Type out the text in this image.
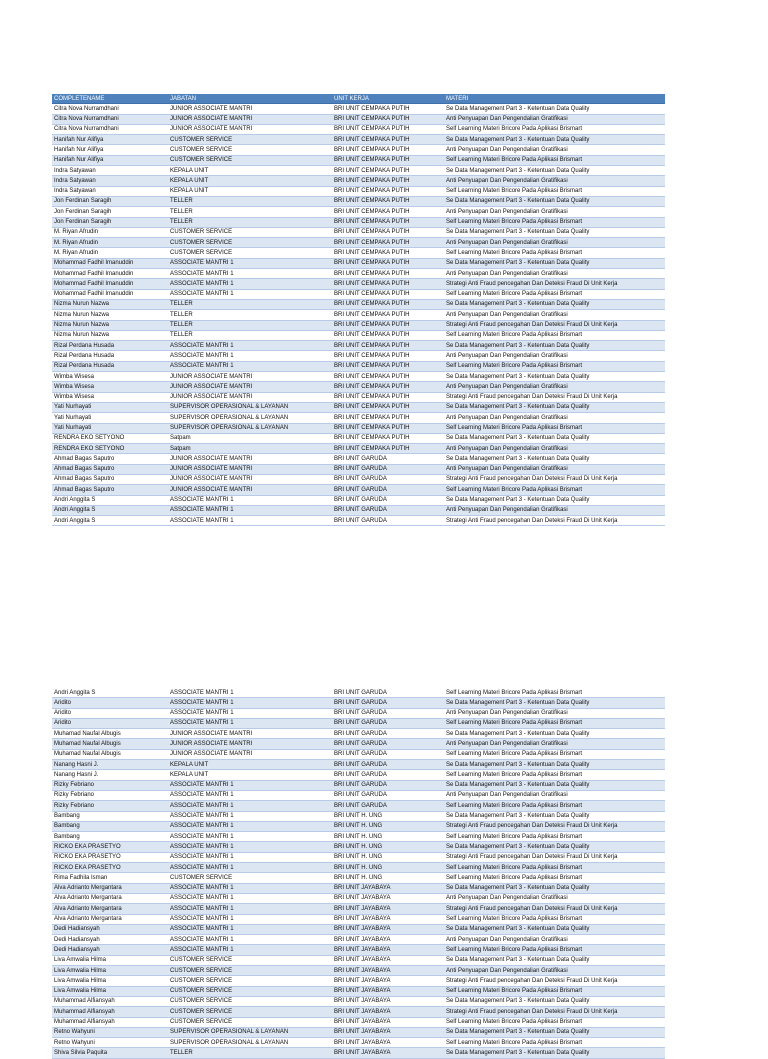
COMPLETENAME	JABATAN	UNIT KERJA	MATERI
Citra Nova Nurramdhani	JUNIOR ASSOCIATE MANTRI	BRI UNIT CEMPAKA PUTIH	Se Data Management Part 3 - Ketentuan Data Quality
Citra Nova Nurramdhani	JUNIOR ASSOCIATE MANTRI	BRI UNIT CEMPAKA PUTIH	Anti Penyuapan Dan Pengendalian Gratifikasi
Citra Nova Nurramdhani	JUNIOR ASSOCIATE MANTRI	BRI UNIT CEMPAKA PUTIH	Self Learning Materi Bricore Pada Aplikasi Brismart
Hanifah Nur Alifiya	CUSTOMER SERVICE	BRI UNIT CEMPAKA PUTIH	Se Data Management Part 3 - Ketentuan Data Quality
Hanifah Nur Alifiya	CUSTOMER SERVICE	BRI UNIT CEMPAKA PUTIH	Anti Penyuapan Dan Pengendalian Gratifikasi
Hanifah Nur Alifiya	CUSTOMER SERVICE	BRI UNIT CEMPAKA PUTIH	Self Learning Materi Bricore Pada Aplikasi Brismart
Indra Satyawan	KEPALA UNIT	BRI UNIT CEMPAKA PUTIH	Se Data Management Part 3 - Ketentuan Data Quality
Indra Satyawan	KEPALA UNIT	BRI UNIT CEMPAKA PUTIH	Anti Penyuapan Dan Pengendalian Gratifikasi
Indra Satyawan	KEPALA UNIT	BRI UNIT CEMPAKA PUTIH	Self Learning Materi Bricore Pada Aplikasi Brismart
Jon Ferdinan Saragih	TELLER	BRI UNIT CEMPAKA PUTIH	Se Data Management Part 3 - Ketentuan Data Quality
Jon Ferdinan Saragih	TELLER	BRI UNIT CEMPAKA PUTIH	Anti Penyuapan Dan Pengendalian Gratifikasi
Jon Ferdinan Saragih	TELLER	BRI UNIT CEMPAKA PUTIH	Self Learning Materi Bricore Pada Aplikasi Brismart
M. Riyan Afrudin	CUSTOMER SERVICE	BRI UNIT CEMPAKA PUTIH	Se Data Management Part 3 - Ketentuan Data Quality
M. Riyan Afrudin	CUSTOMER SERVICE	BRI UNIT CEMPAKA PUTIH	Anti Penyuapan Dan Pengendalian Gratifikasi
M. Riyan Afrudin	CUSTOMER SERVICE	BRI UNIT CEMPAKA PUTIH	Self Learning Materi Bricore Pada Aplikasi Brismart
Mohammad Fadhil Imanuddin	ASSOCIATE MANTRI 1	BRI UNIT CEMPAKA PUTIH	Se Data Management Part 3 - Ketentuan Data Quality
Mohammad Fadhil Imanuddin	ASSOCIATE MANTRI 1	BRI UNIT CEMPAKA PUTIH	Anti Penyuapan Dan Pengendalian Gratifikasi
Mohammad Fadhil Imanuddin	ASSOCIATE MANTRI 1	BRI UNIT CEMPAKA PUTIH	Strategi Anti Fraud pencegahan Dan Deteksi Fraud Di Unit Kerja
Mohammad Fadhil Imanuddin	ASSOCIATE MANTRI 1	BRI UNIT CEMPAKA PUTIH	Self Learning Materi Bricore Pada Aplikasi Brismart
Nizma Nurun Nazwa	TELLER	BRI UNIT CEMPAKA PUTIH	Se Data Management Part 3 - Ketentuan Data Quality
Nizma Nurun Nazwa	TELLER	BRI UNIT CEMPAKA PUTIH	Anti Penyuapan Dan Pengendalian Gratifikasi
Nizma Nurun Nazwa	TELLER	BRI UNIT CEMPAKA PUTIH	Strategi Anti Fraud pencegahan Dan Deteksi Fraud Di Unit Kerja
Nizma Nurun Nazwa	TELLER	BRI UNIT CEMPAKA PUTIH	Self Learning Materi Bricore Pada Aplikasi Brismart
Rizal Perdana Husada	ASSOCIATE MANTRI 1	BRI UNIT CEMPAKA PUTIH	Se Data Management Part 3 - Ketentuan Data Quality
Rizal Perdana Husada	ASSOCIATE MANTRI 1	BRI UNIT CEMPAKA PUTIH	Anti Penyuapan Dan Pengendalian Gratifikasi
Rizal Perdana Husada	ASSOCIATE MANTRI 1	BRI UNIT CEMPAKA PUTIH	Self Learning Materi Bricore Pada Aplikasi Brismart
Wimba Wisesa	JUNIOR ASSOCIATE MANTRI	BRI UNIT CEMPAKA PUTIH	Se Data Management Part 3 - Ketentuan Data Quality
Wimba Wisesa	JUNIOR ASSOCIATE MANTRI	BRI UNIT CEMPAKA PUTIH	Anti Penyuapan Dan Pengendalian Gratifikasi
Wimba Wisesa	JUNIOR ASSOCIATE MANTRI	BRI UNIT CEMPAKA PUTIH	Strategi Anti Fraud pencegahan Dan Deteksi Fraud Di Unit Kerja
Yati Nurhayati	SUPERVISOR OPERASIONAL & LAYANAN	BRI UNIT CEMPAKA PUTIH	Se Data Management Part 3 - Ketentuan Data Quality
Yati Nurhayati	SUPERVISOR OPERASIONAL & LAYANAN	BRI UNIT CEMPAKA PUTIH	Anti Penyuapan Dan Pengendalian Gratifikasi
Yati Nurhayati	SUPERVISOR OPERASIONAL & LAYANAN	BRI UNIT CEMPAKA PUTIH	Self Learning Materi Bricore Pada Aplikasi Brismart
RENDRA EKO SETYONO	Satpam	BRI UNIT CEMPAKA PUTIH	Se Data Management Part 3 - Ketentuan Data Quality
RENDRA EKO SETYONO	Satpam	BRI UNIT CEMPAKA PUTIH	Anti Penyuapan Dan Pengendalian Gratifikasi
Ahmad Bagas Saputro	JUNIOR ASSOCIATE MANTRI	BRI UNIT GARUDA	Se Data Management Part 3 - Ketentuan Data Quality
Ahmad Bagas Saputro	JUNIOR ASSOCIATE MANTRI	BRI UNIT GARUDA	Anti Penyuapan Dan Pengendalian Gratifikasi
Ahmad Bagas Saputro	JUNIOR ASSOCIATE MANTRI	BRI UNIT GARUDA	Strategi Anti Fraud pencegahan Dan Deteksi Fraud Di Unit Kerja
Ahmad Bagas Saputro	JUNIOR ASSOCIATE MANTRI	BRI UNIT GARUDA	Self Learning Materi Bricore Pada Aplikasi Brismart
Andri Anggita S	ASSOCIATE MANTRI 1	BRI UNIT GARUDA	Se Data Management Part 3 - Ketentuan Data Quality
Andri Anggita S	ASSOCIATE MANTRI 1	BRI UNIT GARUDA	Anti Penyuapan Dan Pengendalian Gratifikasi
Andri Anggita S	ASSOCIATE MANTRI 1	BRI UNIT GARUDA	Strategi Anti Fraud pencegahan Dan Deteksi Fraud Di Unit Kerja
Andri Anggita S	ASSOCIATE MANTRI 1	BRI UNIT GARUDA	Self Learning Materi Bricore Pada Aplikasi Brismart
Aridito	ASSOCIATE MANTRI 1	BRI UNIT GARUDA	Se Data Management Part 3 - Ketentuan Data Quality
Aridito	ASSOCIATE MANTRI 1	BRI UNIT GARUDA	Anti Penyuapan Dan Pengendalian Gratifikasi
Aridito	ASSOCIATE MANTRI 1	BRI UNIT GARUDA	Self Learning Materi Bricore Pada Aplikasi Brismart
Muhamad Naufal Albugis	JUNIOR ASSOCIATE MANTRI	BRI UNIT GARUDA	Se Data Management Part 3 - Ketentuan Data Quality
Muhamad Naufal Albugis	JUNIOR ASSOCIATE MANTRI	BRI UNIT GARUDA	Anti Penyuapan Dan Pengendalian Gratifikasi
Muhamad Naufal Albugis	JUNIOR ASSOCIATE MANTRI	BRI UNIT GARUDA	Self Learning Materi Bricore Pada Aplikasi Brismart
Nanang Hasni J.	KEPALA UNIT	BRI UNIT GARUDA	Se Data Management Part 3 - Ketentuan Data Quality
Nanang Hasni J.	KEPALA UNIT	BRI UNIT GARUDA	Self Learning Materi Bricore Pada Aplikasi Brismart
Rizky Febriano	ASSOCIATE MANTRI 1	BRI UNIT GARUDA	Se Data Management Part 3 - Ketentuan Data Quality
Rizky Febriano	ASSOCIATE MANTRI 1	BRI UNIT GARUDA	Anti Penyuapan Dan Pengendalian Gratifikasi
Rizky Febriano	ASSOCIATE MANTRI 1	BRI UNIT GARUDA	Self Learning Materi Bricore Pada Aplikasi Brismart
Bambang	ASSOCIATE MANTRI 1	BRI UNIT H. UNG	Se Data Management Part 3 - Ketentuan Data Quality
Bambang	ASSOCIATE MANTRI 1	BRI UNIT H. UNG	Strategi Anti Fraud pencegahan Dan Deteksi Fraud Di Unit Kerja
Bambang	ASSOCIATE MANTRI 1	BRI UNIT H. UNG	Self Learning Materi Bricore Pada Aplikasi Brismart
RICKO EKA PRASETYO	ASSOCIATE MANTRI 1	BRI UNIT H. UNG	Se Data Management Part 3 - Ketentuan Data Quality
RICKO EKA PRASETYO	ASSOCIATE MANTRI 1	BRI UNIT H. UNG	Strategi Anti Fraud pencegahan Dan Deteksi Fraud Di Unit Kerja
RICKO EKA PRASETYO	ASSOCIATE MANTRI 1	BRI UNIT H. UNG	Self Learning Materi Bricore Pada Aplikasi Brismart
Rima Fadhila Isman	CUSTOMER SERVICE	BRI UNIT H. UNG	Self Learning Materi Bricore Pada Aplikasi Brismart
Alva Adrianto Mergantara	ASSOCIATE MANTRI 1	BRI UNIT JAYABAYA	Se Data Management Part 3 - Ketentuan Data Quality
Alva Adrianto Mergantara	ASSOCIATE MANTRI 1	BRI UNIT JAYABAYA	Anti Penyuapan Dan Pengendalian Gratifikasi
Alva Adrianto Mergantara	ASSOCIATE MANTRI 1	BRI UNIT JAYABAYA	Strategi Anti Fraud pencegahan Dan Deteksi Fraud Di Unit Kerja
Alva Adrianto Mergantara	ASSOCIATE MANTRI 1	BRI UNIT JAYABAYA	Self Learning Materi Bricore Pada Aplikasi Brismart
Dedi Hadiansyah	ASSOCIATE MANTRI 1	BRI UNIT JAYABAYA	Se Data Management Part 3 - Ketentuan Data Quality
Dedi Hadiansyah	ASSOCIATE MANTRI 1	BRI UNIT JAYABAYA	Anti Penyuapan Dan Pengendalian Gratifikasi
Dedi Hadiansyah	ASSOCIATE MANTRI 1	BRI UNIT JAYABAYA	Self Learning Materi Bricore Pada Aplikasi Brismart
Liva Amwalia Hilma	CUSTOMER SERVICE	BRI UNIT JAYABAYA	Se Data Management Part 3 - Ketentuan Data Quality
Liva Amwalia Hilma	CUSTOMER SERVICE	BRI UNIT JAYABAYA	Anti Penyuapan Dan Pengendalian Gratifikasi
Liva Amwalia Hilma	CUSTOMER SERVICE	BRI UNIT JAYABAYA	Strategi Anti Fraud pencegahan Dan Deteksi Fraud Di Unit Kerja
Liva Amwalia Hilma	CUSTOMER SERVICE	BRI UNIT JAYABAYA	Self Learning Materi Bricore Pada Aplikasi Brismart
Muhammad Alfiansyah	CUSTOMER SERVICE	BRI UNIT JAYABAYA	Se Data Management Part 3 - Ketentuan Data Quality
Muhammad Alfiansyah	CUSTOMER SERVICE	BRI UNIT JAYABAYA	Strategi Anti Fraud pencegahan Dan Deteksi Fraud Di Unit Kerja
Muhammad Alfiansyah	CUSTOMER SERVICE	BRI UNIT JAYABAYA	Self Learning Materi Bricore Pada Aplikasi Brismart
Retno Wahyuni	SUPERVISOR OPERASIONAL & LAYANAN	BRI UNIT JAYABAYA	Se Data Management Part 3 - Ketentuan Data Quality
Retno Wahyuni	SUPERVISOR OPERASIONAL & LAYANAN	BRI UNIT JAYABAYA	Self Learning Materi Bricore Pada Aplikasi Brismart
Shiva Silvia Paquita	TELLER	BRI UNIT JAYABAYA	Se Data Management Part 3 - Ketentuan Data Quality
